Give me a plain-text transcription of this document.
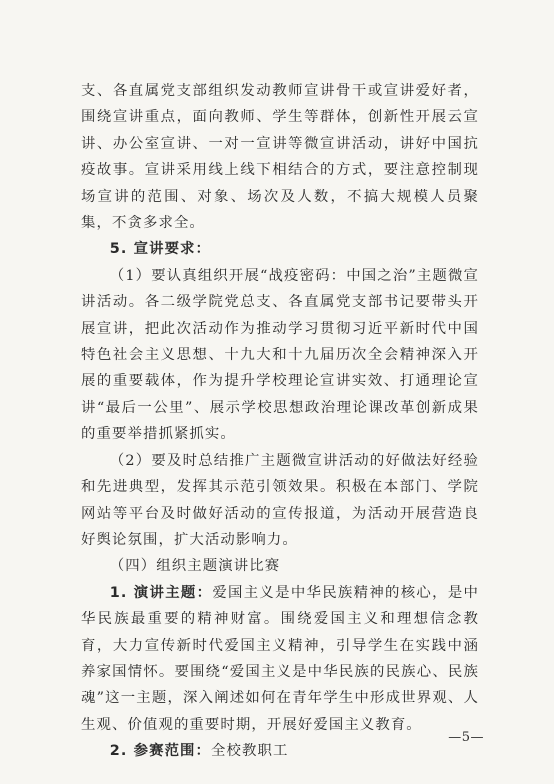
支、各直属党支部组织发动教师宣讲骨干或宣讲爱好者，围绕宣讲重点，面向教师、学生等群体，创新性开展云宣讲、办公室宣讲、一对一宣讲等微宣讲活动，讲好中国抗疫故事。宣讲采用线上线下相结合的方式，要注意控制现场宣讲的范围、对象、场次及人数，不搞大规模人员聚集，不贪多求全。

5. 宣讲要求：

（1）要认真组织开展“战疫密码：中国之治”主题微宣讲活动。各二级学院党总支、各直属党支部书记要带头开展宣讲，把此次活动作为推动学习贯彻习近平新时代中国特色社会主义思想、十九大和十九届历次全会精神深入开展的重要载体，作为提升学校理论宣讲实效、打通理论宣讲“最后一公里”、展示学校思想政治理论课改革创新成果的重要举措抓紧抓实。

（2）要及时总结推广主题微宣讲活动的好做法好经验和先进典型，发挥其示范引领效果。积极在本部门、学院网站等平台及时做好活动的宣传报道，为活动开展营造良好舆论氛围，扩大活动影响力。

（四）组织主题演讲比赛

1. 演讲主题：爱国主义是中华民族精神的核心，是中华民族最重要的精神财富。围绕爱国主义和理想信念教育，大力宣传新时代爱国主义精神，引导学生在实践中涵养家国情怀。要围绕“爱国主义是中华民族的民族心、民族魂”这一主题，深入阐述如何在青年学生中形成世界观、人生观、价值观的重要时期，开展好爱国主义教育。

2. 参赛范围：全校教职工

—5—
